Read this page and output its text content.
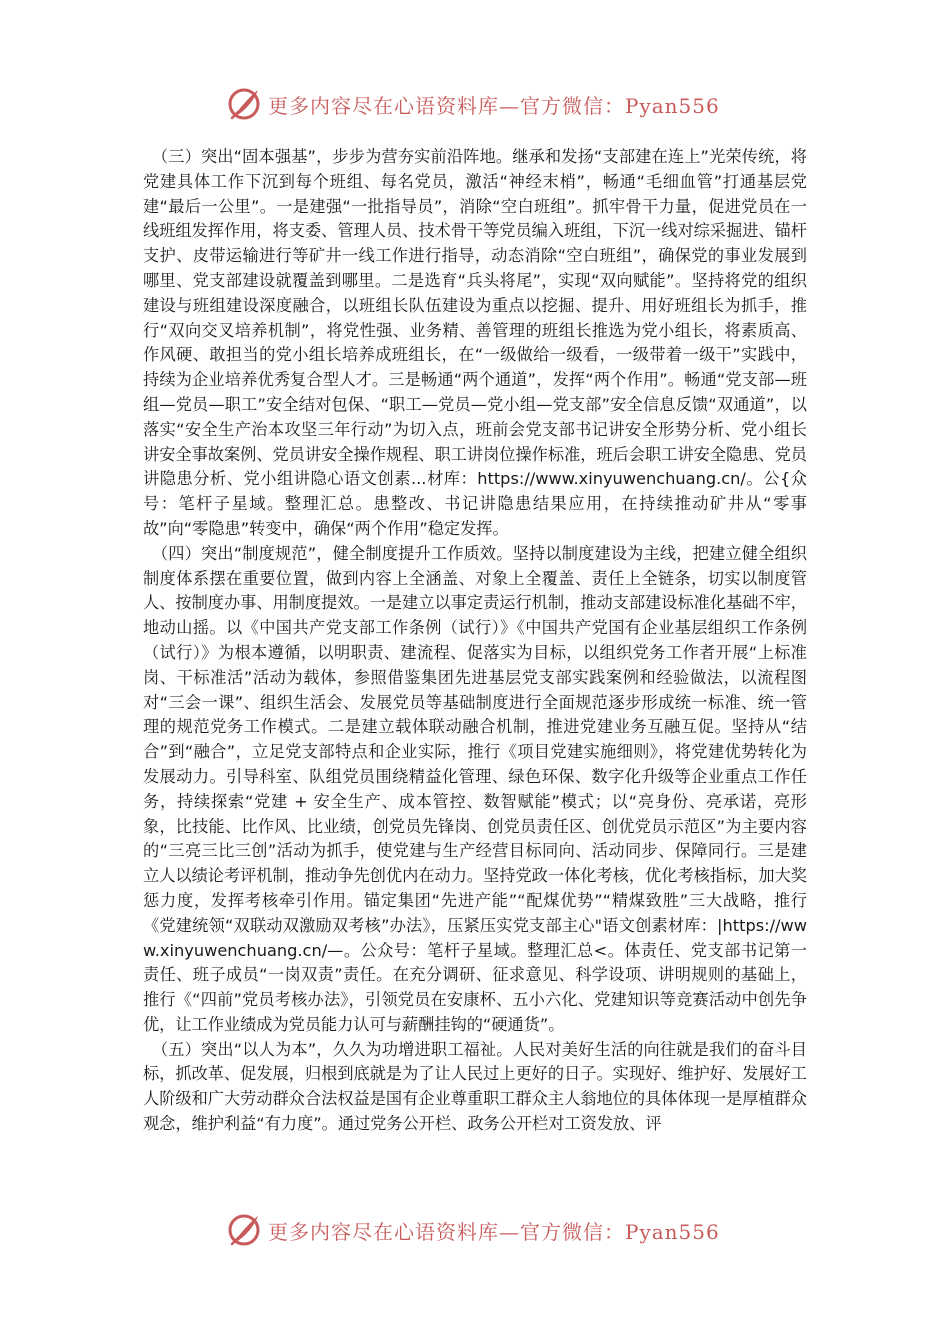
更多内容尽在心语资料库—官方微信：Pyan556

（三）突出“固本强基”，步步为营夯实前沿阵地。继承和发扬“支部建在连上”光荣传统，将党建具体工作下沉到每个班组、每名党员，激活“神经末梢”，畅通“毛细血管”打通基层党建“最后一公里”。一是建强“一批指导员”，消除“空白班组”。抓牢骨干力量，促进党员在一线班组发挥作用，将支委、管理人员、技术骨干等党员编入班组，下沉一线对综采掘进、锚杆支护、皮带运输进行等矿井一线工作进行指导，动态消除“空白班组”，确保党的事业发展到哪里、党支部建设就覆盖到哪里。二是选育“兵头将尾”，实现“双向赋能”。坚持将党的组织建设与班组建设深度融合，以班组长队伍建设为重点以挖掘、提升、用好班组长为抓手，推行“双向交叉培养机制”，将党性强、业务精、善管理的班组长推选为党小组长，将素质高、作风硬、敢担当的党小组长培养成班组长，在“一级做给一级看，一级带着一级干”实践中，持续为企业培养优秀复合型人才。三是畅通“两个通道”，发挥“两个作用”。畅通“党支部—班组—党员—职工”安全结对包保、“职工—党员—党小组—党支部”安全信息反馈“双通道”，以落实“安全生产治本攻坚三年行动”为切入点，班前会党支部书记讲安全形势分析、党小组长讲安全事故案例、党员讲安全操作规程、职工讲岗位操作标准，班后会职工讲安全隐患、党员讲隐患分析、党小组讲隐心语文创素...材库：https://www.xinyuwenchuang.cn/。公{众号：笔杆子星域。整理汇总。患整改、书记讲隐患结果应用，在持续推动矿井从“零事故”向“零隐患”转变中，确保“两个作用”稳定发挥。

（四）突出“制度规范”，健全制度提升工作质效。坚持以制度建设为主线，把建立健全组织制度体系摆在重要位置，做到内容上全涵盖、对象上全覆盖、责任上全链条，切实以制度管人、按制度办事、用制度提效。一是建立以事定责运行机制，推动支部建设标准化基础不牢，地动山摇。以《中国共产党支部工作条例（试行）》《中国共产党国有企业基层组织工作条例（试行）》为根本遵循，以明职责、建流程、促落实为目标，以组织党务工作者开展“上标准岗、干标准活”活动为载体，参照借鉴集团先进基层党支部实践案例和经验做法，以流程图对“三会一课”、组织生活会、发展党员等基础制度进行全面规范逐步形成统一标准、统一管理的规范党务工作模式。二是建立载体联动融合机制，推进党建业务互融互促。坚持从“结合”到“融合”，立足党支部特点和企业实际，推行《项目党建实施细则》，将党建优势转化为发展动力。引导科室、队组党员围绕精益化管理、绿色环保、数字化升级等企业重点工作任务，持续探索“党建 + 安全生产、成本管控、数智赋能”模式；以“亮身份、亮承诺，亮形象，比技能、比作风、比业绩，创党员先锋岗、创党员责任区、创优党员示范区”为主要内容的“三亮三比三创”活动为抓手，使党建与生产经营目标同向、活动同步、保障同行。三是建立人以绩论考评机制，推动争先创优内在动力。坚持党政一体化考核，优化考核指标，加大奖惩力度，发挥考核牵引作用。锚定集团“先进产能”“配煤优势”“精煤致胜”三大战略，推行《党建统领“双联动双激励双考核”办法》，压紧压实党支部主心"语文创素材库：|https://www.xinyuwenchuang.cn/—。公众号：笔杆子星域。整理汇总<。体责任、党支部书记第一责任、班子成员“一岗双责”责任。在充分调研、征求意见、科学设项、讲明规则的基础上，推行《“四前”党员考核办法》，引领党员在安康杯、五小六化、党建知识等竞赛活动中创先争优，让工作业绩成为党员能力认可与薪酬挂钩的“硬通货”。

（五）突出“以人为本”，久久为功增进职工福祉。人民对美好生活的向往就是我们的奋斗目标，抓改革、促发展，归根到底就是为了让人民过上更好的日子。实现好、维护好、发展好工人阶级和广大劳动群众合法权益是国有企业尊重职工群众主人翁地位的具体体现一是厚植群众观念，维护利益“有力度”。通过党务公开栏、政务公开栏对工资发放、评

更多内容尽在心语资料库—官方微信：Pyan556
